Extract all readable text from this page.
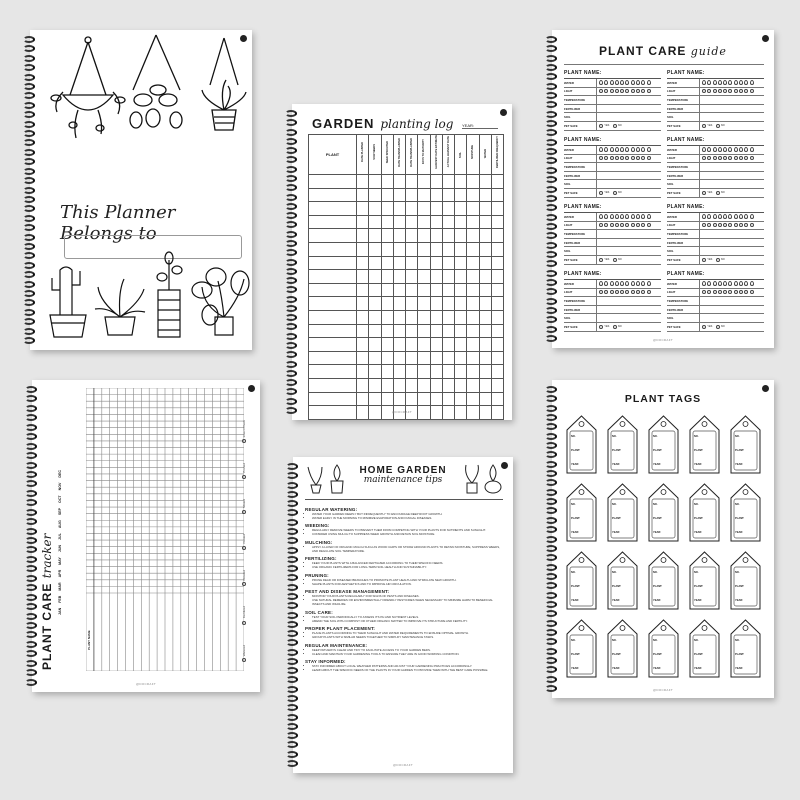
This Planner Belongs to
GARDEN planting log YEAR:
PLANT	DATE PLANTED	SOW SEEDS	SEED SPROUTED	DATE TRANSPLANTED	DATE TRANSPLANTED	DAYS TO MATURITY	HARVEST DATE ESTIMATE	ACTUAL HARVEST DATE	SOIL	MOISTURE	WATER	FERTILIZER FREQUENCY

@DOCRAFT
PLANT CARE guide
PLANT NAME:
WATER
LIGHT
TEMPERATURE
FERTILIZER
SOIL
PET SAFE	YES
	NO
PLANT NAME:
WATER
LIGHT
TEMPERATURE
FERTILIZER
SOIL
PET SAFE	YES
	NO
PLANT NAME:
WATER
LIGHT
TEMPERATURE
FERTILIZER
SOIL
PET SAFE	YES
	NO
PLANT NAME:
WATER
LIGHT
TEMPERATURE
FERTILIZER
SOIL
PET SAFE	YES
	NO
PLANT NAME:
WATER
LIGHT
TEMPERATURE
FERTILIZER
SOIL
PET SAFE	YES
	NO
PLANT NAME:
WATER
LIGHT
TEMPERATURE
FERTILIZER
SOIL
PET SAFE	YES
	NO
PLANT NAME:
WATER
LIGHT
TEMPERATURE
FERTILIZER
SOIL
PET SAFE	YES
	NO
PLANT NAME:
WATER
LIGHT
TEMPERATURE
FERTILIZER
SOIL
PET SAFE	YES
	NO
@DOCRAFT
PLANT CARE tracker
JAN
FEB
MAR
APR
MAY
JUN
JUL
AUG
SEP
OCT
NOV
DEC
PLANT NAME
Watered
Fertilized
Rotated
Dusted
Misted
Pruned
Insect Check
@DOCRAFT
HOME GARDEN
maintenance tips
REGULAR WATERING:
• WATER YOUR GARDEN DEEPLY BUT INFREQUENTLY TO ENCOURAGE DEEP ROOT GROWTH.
• WATER EARLY IN THE MORNING TO MINIMIZE EVAPORATION AND FUNGAL DISEASES.
WEEDING:
• REGULARLY REMOVE WEEDS TO PREVENT THEM FROM COMPETING WITH YOUR PLANTS FOR NUTRIENTS AND SUNLIGHT.
• CONSIDER USING MULCH TO SUPPRESS WEED GROWTH AND RETAIN SOIL MOISTURE.
MULCHING:
• APPLY A LAYER OF ORGANIC MULCH SUCH AS WOOD CHIPS OR STRAW AROUND PLANTS TO RETAIN MOISTURE, SUPPRESS WEEDS, AND REGULATE SOIL TEMPERATURE.
FERTILIZING:
• FEED YOUR PLANTS WITH A BALANCED FERTILIZER ACCORDING TO THEIR SPECIFIC NEEDS.
• USE ORGANIC FERTILIZERS FOR LONG-TERM SOIL HEALTH AND SUSTAINABILITY.
PRUNING:
• PRUNE DEAD OR DISEASED BRANCHES TO PROMOTE PLANT HEALTH AND STIMULATE NEW GROWTH.
• SHAPE PLANTS FOR AESTHETICS AND TO IMPROVE AIR CIRCULATION.
PEST AND DISEASE MANAGEMENT:
• MONITOR YOUR PLANTS REGULARLY FOR SIGNS OF PESTS AND DISEASES.
• USE NATURAL REMEDIES OR ENVIRONMENTALLY FRIENDLY PESTICIDES WHEN NECESSARY TO MINIMIZE HARM TO BENEFICIAL INSECTS AND WILDLIFE.
SOIL CARE:
• TEST YOUR SOIL PERIODICALLY TO ASSESS ITS PH AND NUTRIENT LEVELS.
• AMEND THE SOIL WITH COMPOST OR OTHER ORGANIC MATTER TO IMPROVE ITS STRUCTURE AND FERTILITY.
PROPER PLANT PLACEMENT:
• PLACE PLANTS ACCORDING TO THEIR SUNLIGHT AND WATER REQUIREMENTS TO ENSURE OPTIMAL GROWTH.
• GROUP PLANTS WITH SIMILAR NEEDS TOGETHER TO SIMPLIFY MAINTENANCE TASKS.
REGULAR MAINTENANCE:
• KEEP PATHWAYS CLEAR AND TIDY TO FACILITATE ACCESS TO YOUR GARDEN BEDS.
• CLEAN AND MAINTAIN YOUR GARDENING TOOLS TO ENSURE THEY ARE IN GOOD WORKING CONDITION.
STAY INFORMED:
• STAY INFORMED ABOUT LOCAL WEATHER PATTERNS AND ADJUST YOUR GARDENING PRACTICES ACCORDINGLY.
• LEARN ABOUT THE SPECIFIC NEEDS OF THE PLANTS IN YOUR GARDEN TO PROVIDE THEM WITH THE BEST CARE POSSIBLE.
@DOCRAFT
PLANT TAGS
NO.
PLANT:
YEAR:
NO.
PLANT:
YEAR:
NO.
PLANT:
YEAR:
NO.
PLANT:
YEAR:
NO.
PLANT:
YEAR:
NO.
PLANT:
YEAR:
NO.
PLANT:
YEAR:
NO.
PLANT:
YEAR:
NO.
PLANT:
YEAR:
NO.
PLANT:
YEAR:
NO.
PLANT:
YEAR:
NO.
PLANT:
YEAR:
NO.
PLANT:
YEAR:
NO.
PLANT:
YEAR:
NO.
PLANT:
YEAR:
NO.
PLANT:
YEAR:
NO.
PLANT:
YEAR:
NO.
PLANT:
YEAR:
NO.
PLANT:
YEAR:
NO.
PLANT:
YEAR:
@DOCRAFT
